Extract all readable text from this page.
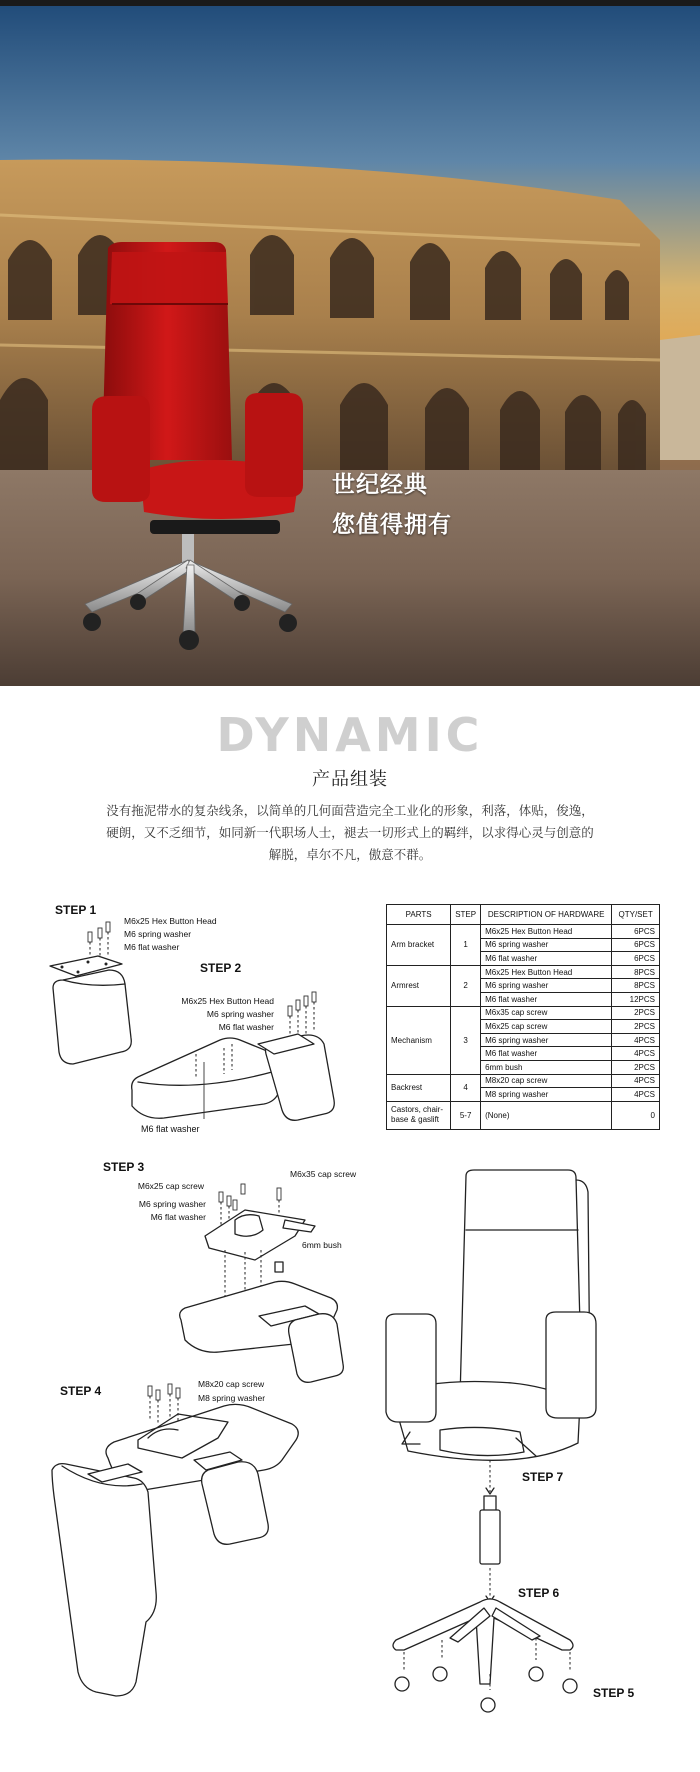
世纪经典
您值得拥有
DYNAMIC
产品组装
没有拖泥带水的复杂线条，以简单的几何面营造完全工业化的形象，利落，体贴，俊逸，
硬朗，又不乏细节，如同新一代职场人士，褪去一切形式上的羁绊，以求得心灵与创意的
解脱，卓尔不凡，傲意不群。
STEP 1
M6x25 Hex Button Head
M6 spring washer
M6 flat washer
STEP 2
M6x25 Hex Button Head
M6 spring washer
M6 flat washer
M6 flat washer
PARTS	STEP	DESCRIPTION OF HARDWARE	QTY/SET
Arm bracket	1	M6x25 Hex Button Head	6PCS
		M6 spring washer	6PCS
		M6 flat washer	6PCS
Armrest	2	M6x25 Hex Button Head	8PCS
		M6 spring washer	8PCS
		M6 flat washer	12PCS
Mechanism	3	M6x35 cap screw	2PCS
		M6x25 cap screw	2PCS
		M6 spring washer	4PCS
		M6 flat washer	4PCS
		6mm bush	2PCS
Backrest	4	M8x20 cap screw	4PCS
		M8 spring washer	4PCS
Castors, chair-base & gaslift	5-7	(None)	0
STEP 3
M6x25 cap screw
M6x35 cap screw
M6 spring washer
M6 flat washer
6mm bush
STEP 4	M8x20 cap screw
M8 spring washer
STEP 7
STEP 6
STEP 5
